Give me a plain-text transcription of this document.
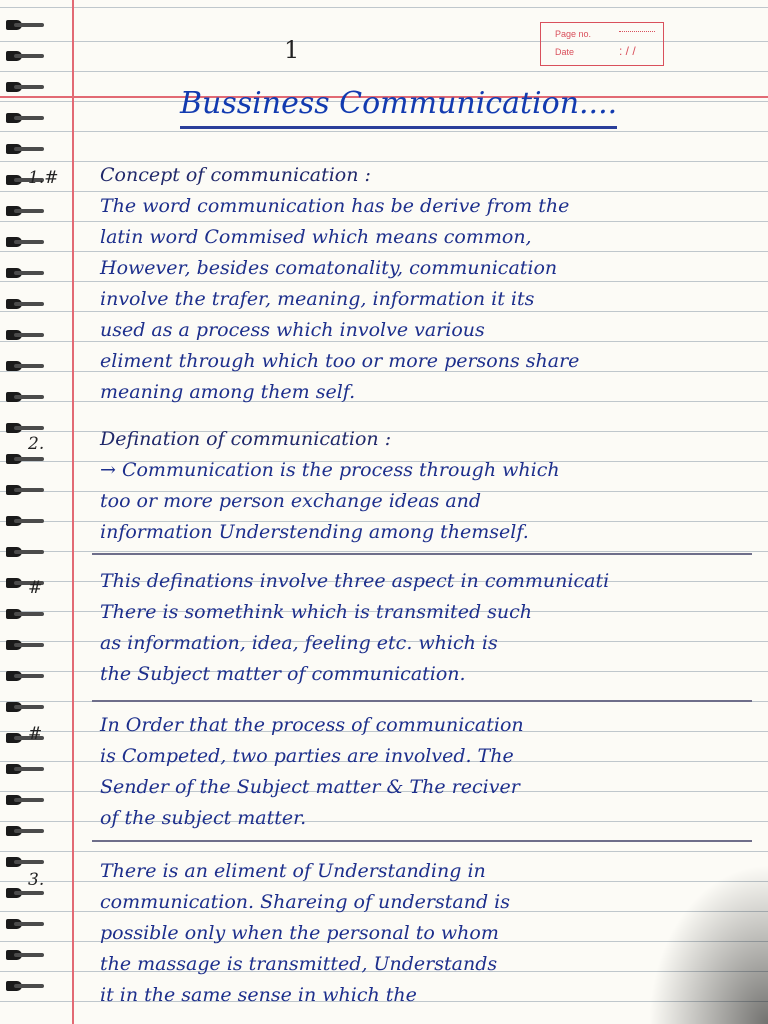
1
Page no.
Date	: / /
Bussiness Communication....
1.# Concept of communication :
The word communication has be derive from the
latin word Commised which means common,
However, besides comatonality, communication
involve the trafer, meaning, information it its
used as a process which involve various
eliment through which too or more persons share
meaning among them self.
2.	Defination of communication :
→ Communication is the process through which
too or more person exchange ideas and
information Understending among themself.
#	This definations involve three aspect in communicati
There is somethink which is transmited such
as information, idea, feeling etc. which is
the Subject matter of communication.
#	In Order that the process of communication
is Competed, two parties are involved. The
Sender of the Subject matter & The reciver
of the subject matter.
3.	There is an eliment of Understanding in
communication. Shareing of understand is
possible only when the personal to whom
the massage is transmitted, Understands
it in the same sense in which the
